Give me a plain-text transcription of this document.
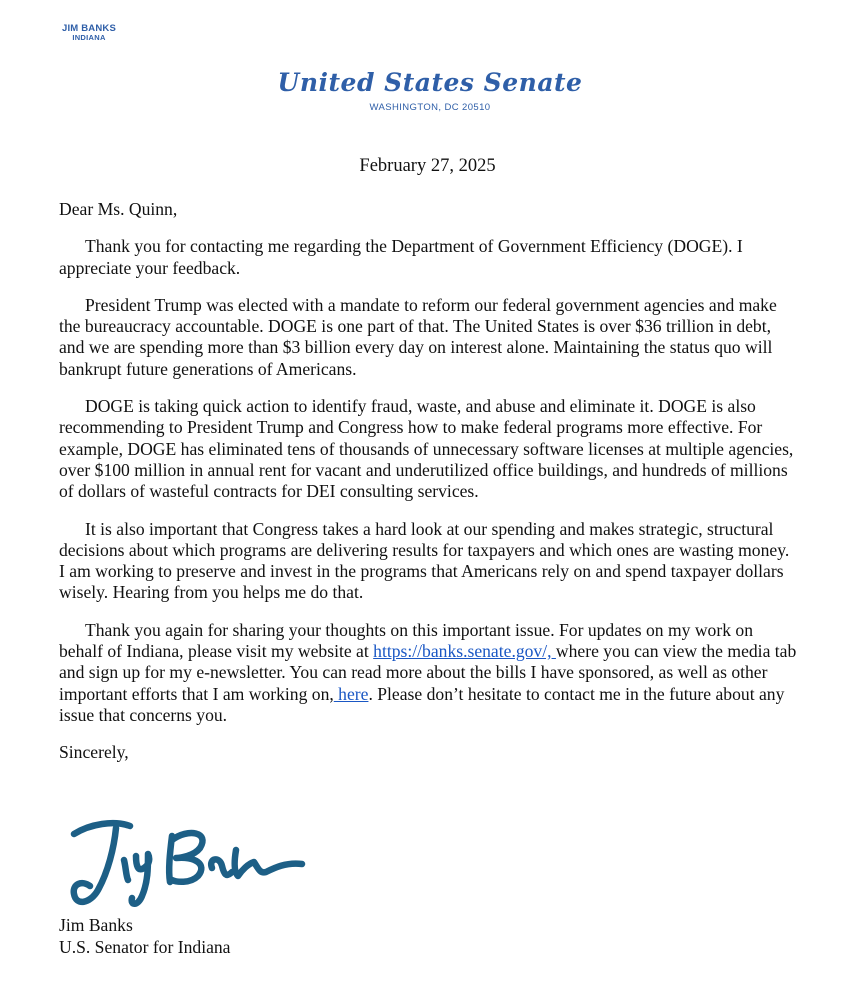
JIM BANKS
INDIANA
United States Senate
WASHINGTON, DC 20510
February 27, 2025

Dear Ms. Quinn,

Thank you for contacting me regarding the Department of Government Efficiency (DOGE). I appreciate your feedback.

President Trump was elected with a mandate to reform our federal government agencies and make the bureaucracy accountable. DOGE is one part of that. The United States is over $36 trillion in debt, and we are spending more than $3 billion every day on interest alone. Maintaining the status quo will bankrupt future generations of Americans.

DOGE is taking quick action to identify fraud, waste, and abuse and eliminate it. DOGE is also recommending to President Trump and Congress how to make federal programs more effective. For example, DOGE has eliminated tens of thousands of unnecessary software licenses at multiple agencies, over $100 million in annual rent for vacant and underutilized office buildings, and hundreds of millions of dollars of wasteful contracts for DEI consulting services.

It is also important that Congress takes a hard look at our spending and makes strategic, structural decisions about which programs are delivering results for taxpayers and which ones are wasting money. I am working to preserve and invest in the programs that Americans rely on and spend taxpayer dollars wisely. Hearing from you helps me do that.

Thank you again for sharing your thoughts on this important issue. For updates on my work on behalf of Indiana, please visit my website at https://banks.senate.gov/, where you can view the media tab and sign up for my e-newsletter. You can read more about the bills I have sponsored, as well as other important efforts that I am working on, here. Please don’t hesitate to contact me in the future about any issue that concerns you.

Sincerely,

Jim Banks
U.S. Senator for Indiana
